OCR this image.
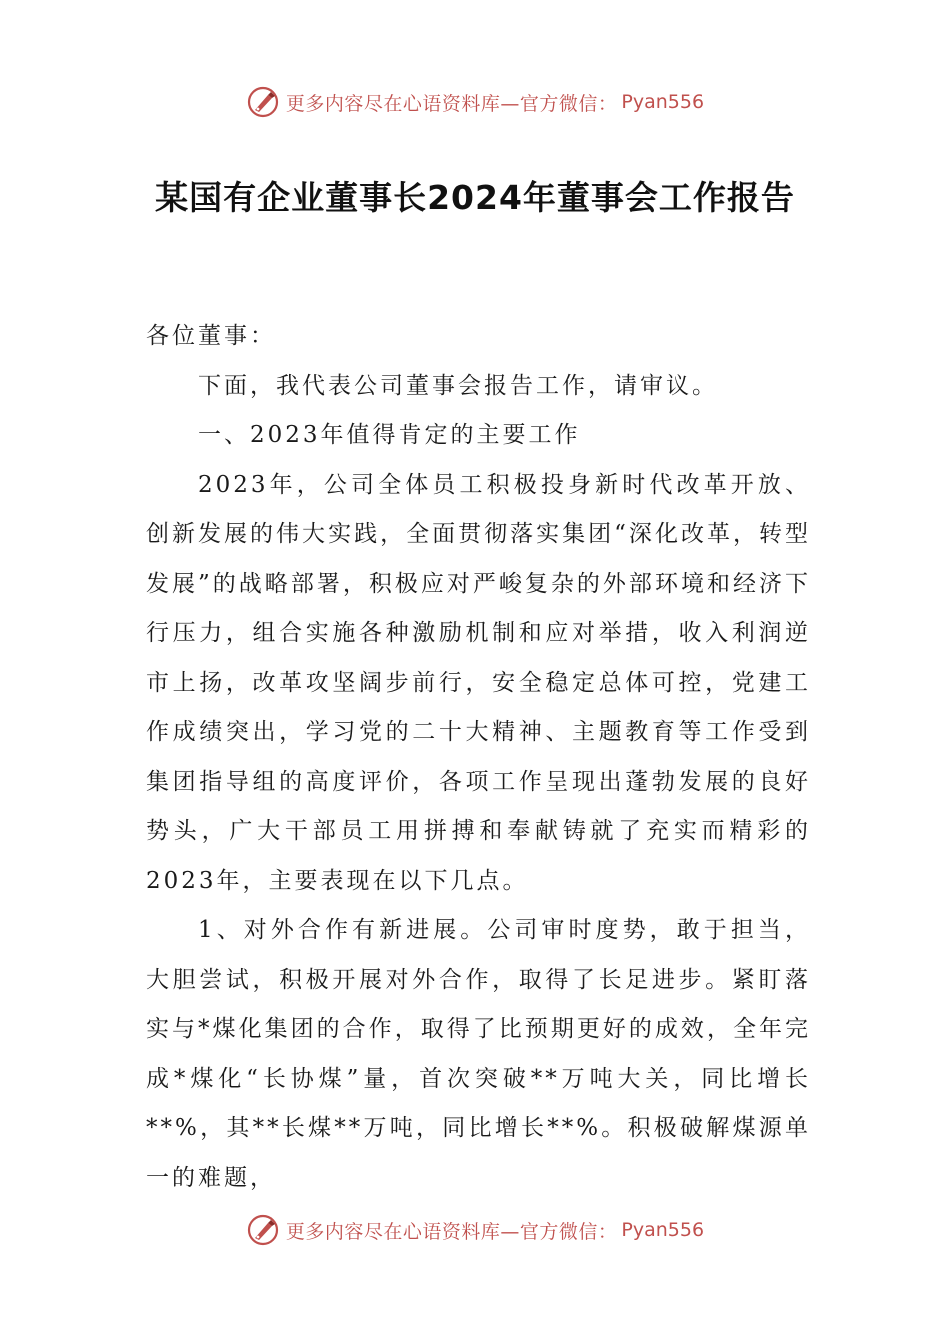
更多内容尽在心语资料库—官方微信： Pyan556
某国有企业董事长2024年董事会工作报告

各位董事：

下面，我代表公司董事会报告工作，请审议。

一、2023年值得肯定的主要工作

2023年，公司全体员工积极投身新时代改革开放、创新发展的伟大实践，全面贯彻落实集团“深化改革，转型发展”的战略部署，积极应对严峻复杂的外部环境和经济下行压力，组合实施各种激励机制和应对举措，收入利润逆市上扬，改革攻坚阔步前行，安全稳定总体可控，党建工作成绩突出，学习党的二十大精神、主题教育等工作受到集团指导组的高度评价，各项工作呈现出蓬勃发展的良好势头，广大干部员工用拼搏和奉献铸就了充实而精彩的2023年，主要表现在以下几点。

1、对外合作有新进展。公司审时度势，敢于担当，大胆尝试，积极开展对外合作，取得了长足进步。紧盯落实与*煤化集团的合作，取得了比预期更好的成效，全年完成*煤化“长协煤”量，首次突破**万吨大关，同比增长**%，其**长煤**万吨，同比增长**%。积极破解煤源单一的难题，

更多内容尽在心语资料库—官方微信： Pyan556
